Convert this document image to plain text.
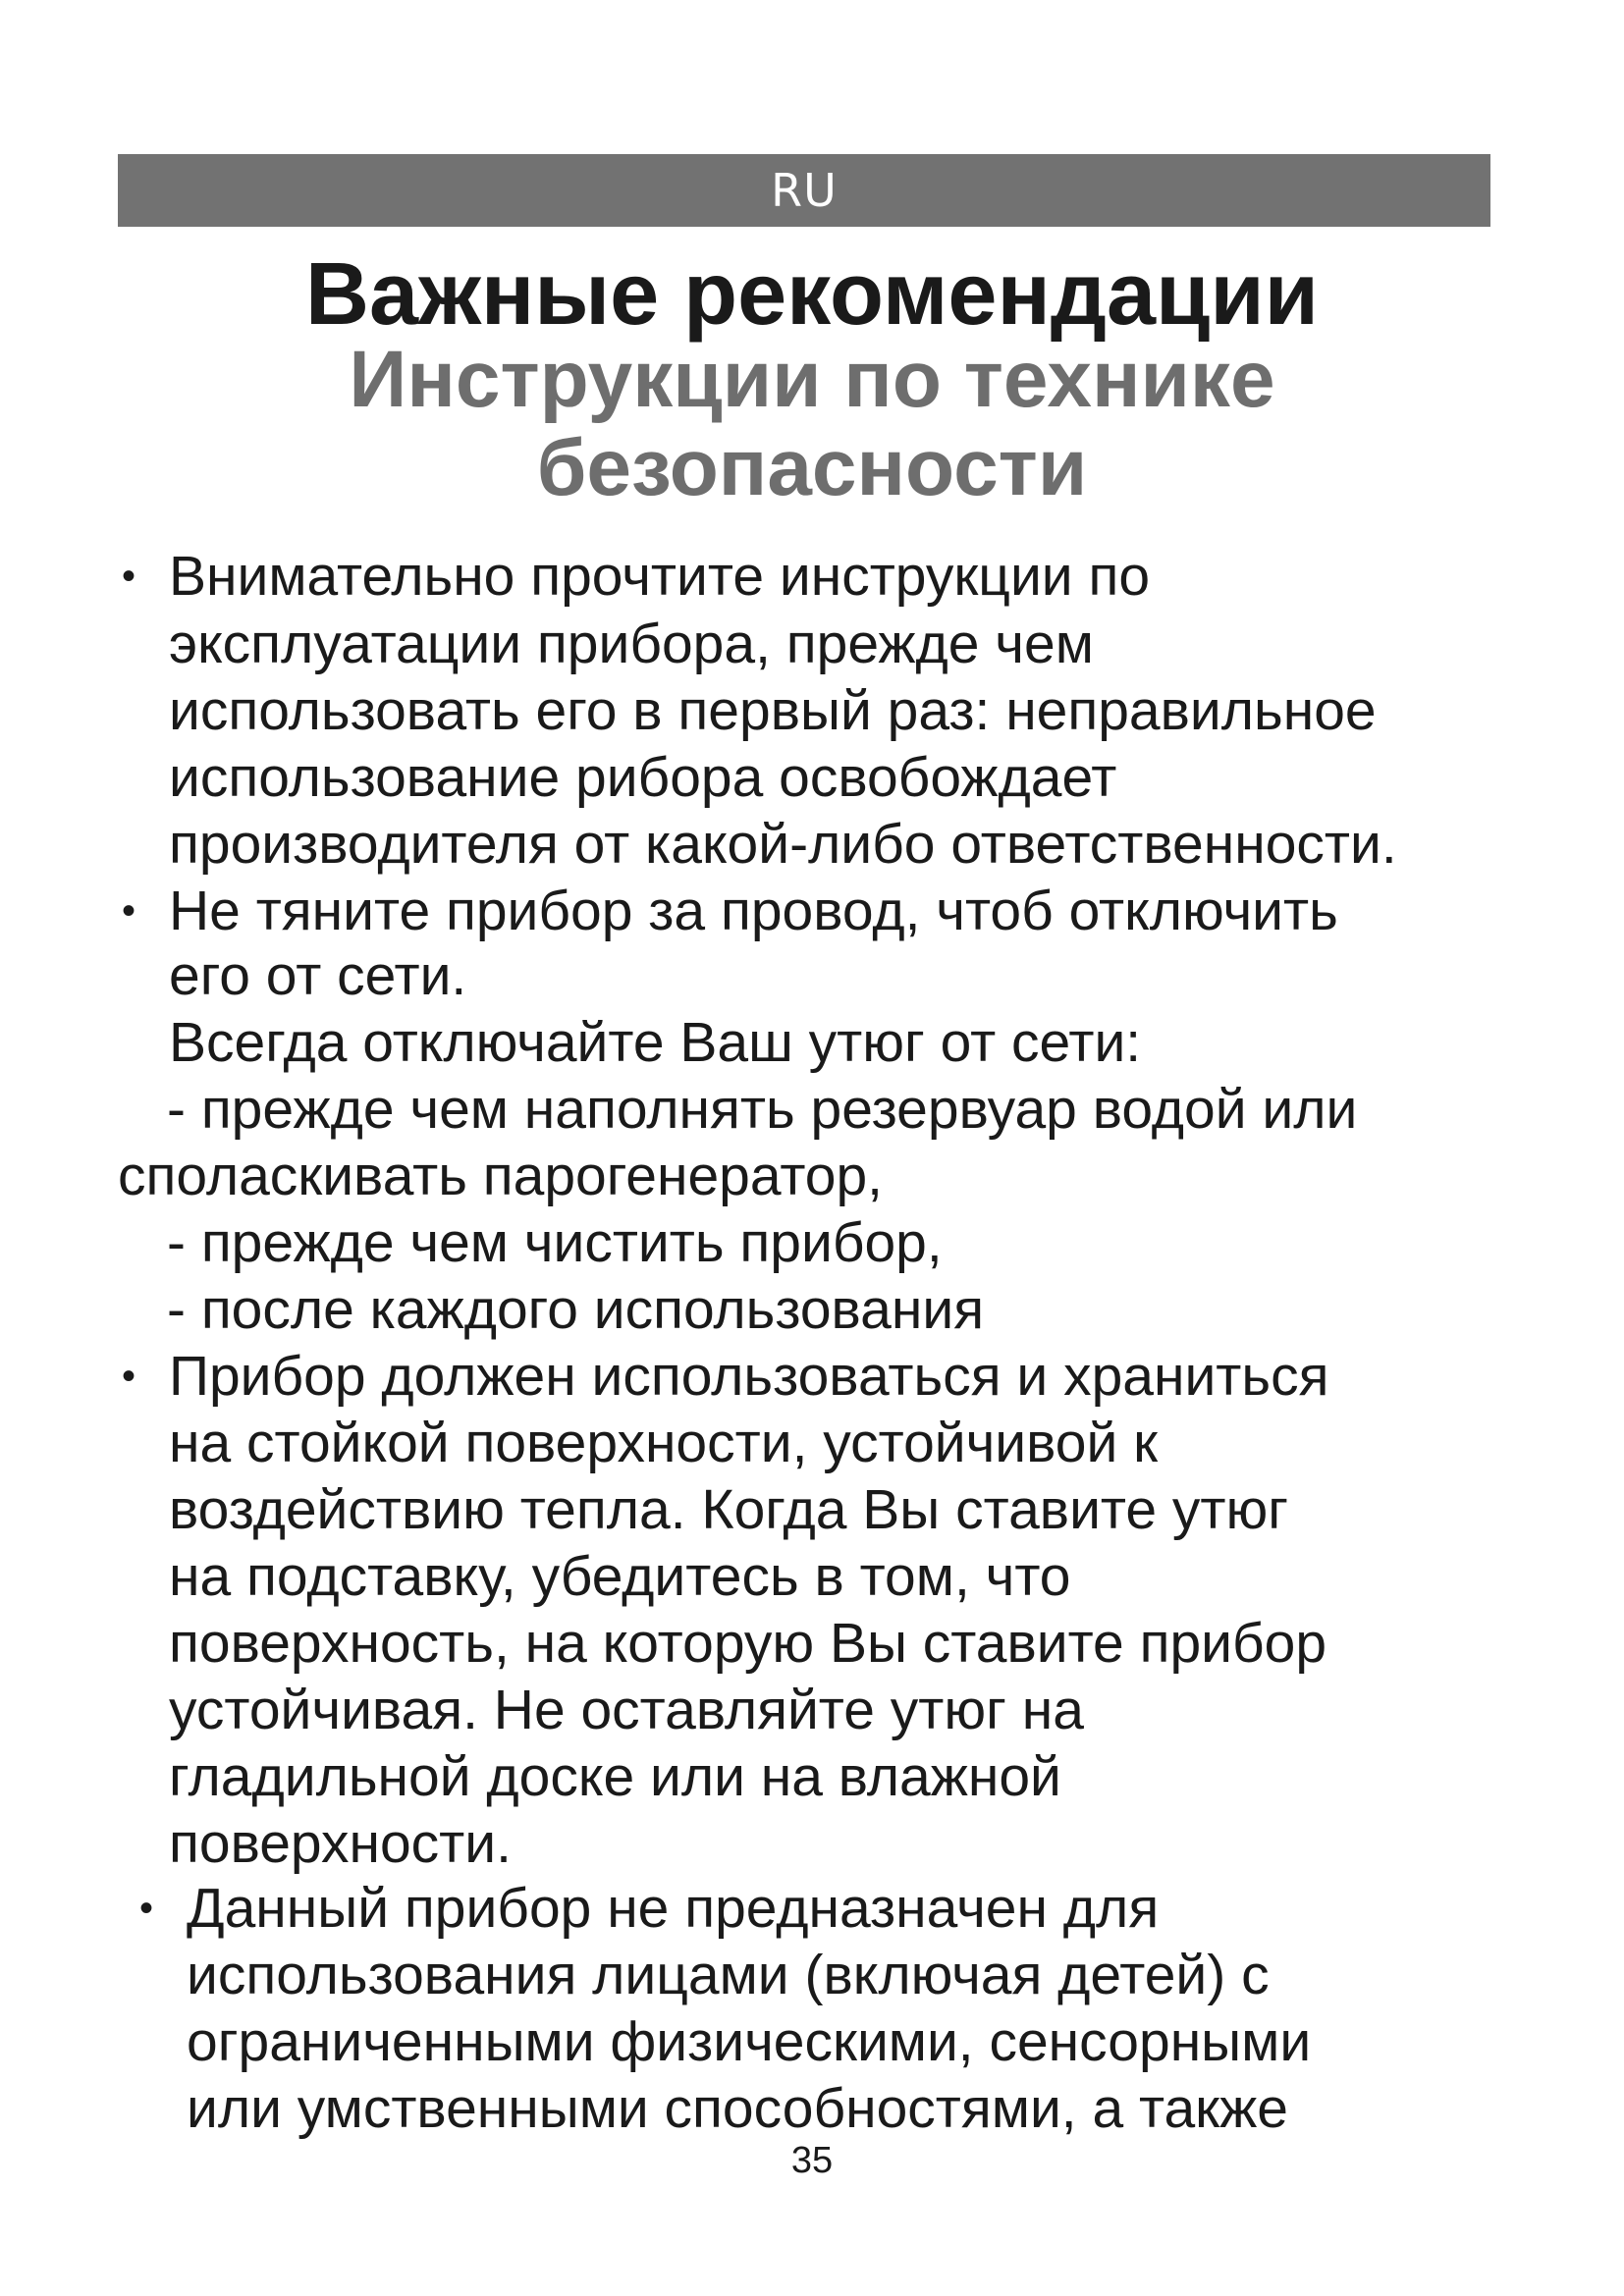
RU
Важные рекомендации
Инструкции по технике
безопасности
• Внимательно прочтите инструкции по
эксплуатации прибора, прежде чем
использовать его в первый раз: неправильное
использование рибора освобождает
производителя от какой-либо ответственности.
• Не тяните прибор за провод, чтоб отключить
его от сети.
Всегда отключайте Ваш утюг от сети:
- прежде чем наполнять резервуар водой или
споласкивать парогенератор,
- прежде чем чистить прибор,
- после каждого использования
• Прибор должен использоваться и храниться
на стойкой поверхности, устойчивой к
воздействию тепла. Когда Вы ставите утюг
на подставку, убедитесь в том, что
поверхность, на которую Вы ставите прибор
устойчивая. Не оставляйте утюг на
гладильной доске или на влажной
поверхности.
• Данный прибор не предназначен для
использования лицами (включая детей) с
ограниченными физическими, сенсорными
или умственными способностями, а также
35
